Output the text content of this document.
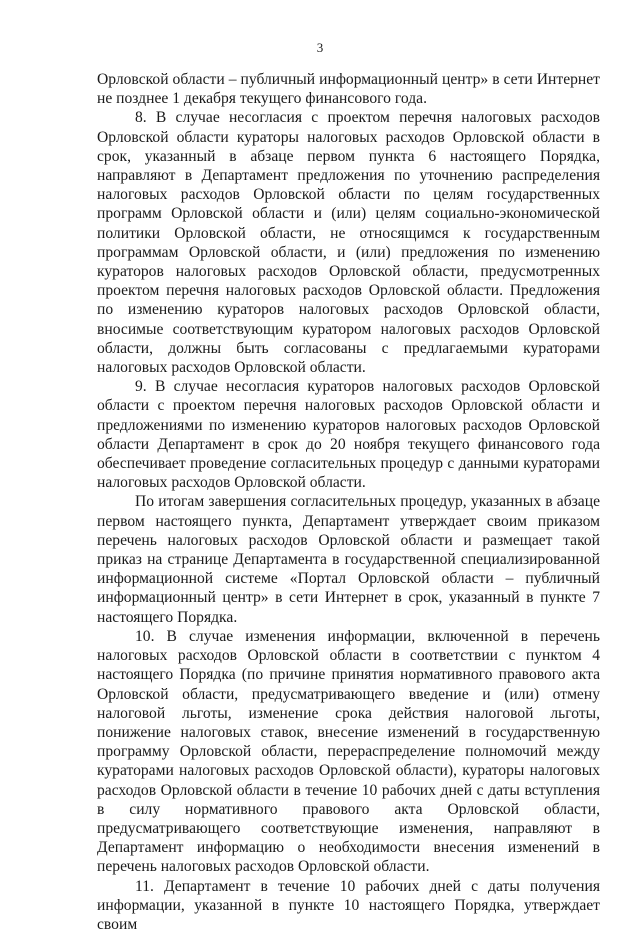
3

Орловской области – публичный информационный центр» в сети Интернет не позднее 1 декабря текущего финансового года.

8. В случае несогласия с проектом перечня налоговых расходов Орловской области кураторы налоговых расходов Орловской области в срок, указанный в абзаце первом пункта 6 настоящего Порядка, направляют в Департамент предложения по уточнению распределения налоговых расходов Орловской области по целям государственных программ Орловской области и (или) целям социально-экономической политики Орловской области, не относящимся к государственным программам Орловской области, и (или) предложения по изменению кураторов налоговых расходов Орловской области, предусмотренных проектом перечня налоговых расходов Орловской области. Предложения по изменению кураторов налоговых расходов Орловской области, вносимые соответствующим куратором налоговых расходов Орловской области, должны быть согласованы с предлагаемыми кураторами налоговых расходов Орловской области.

9. В случае несогласия кураторов налоговых расходов Орловской области с проектом перечня налоговых расходов Орловской области и предложениями по изменению кураторов налоговых расходов Орловской области Департамент в срок до 20 ноября текущего финансового года обеспечивает проведение согласительных процедур с данными кураторами налоговых расходов Орловской области.

По итогам завершения согласительных процедур, указанных в абзаце первом настоящего пункта, Департамент утверждает своим приказом перечень налоговых расходов Орловской области и размещает такой приказ на странице Департамента в государственной специализированной информационной системе «Портал Орловской области – публичный информационный центр» в сети Интернет в срок, указанный в пункте 7 настоящего Порядка.

10. В случае изменения информации, включенной в перечень налоговых расходов Орловской области в соответствии с пунктом 4 настоящего Порядка (по причине принятия нормативного правового акта Орловской области, предусматривающего введение и (или) отмену налоговой льготы, изменение срока действия налоговой льготы, понижение налоговых ставок, внесение изменений в государственную программу Орловской области, перераспределение полномочий между кураторами налоговых расходов Орловской области), кураторы налоговых расходов Орловской области в течение 10 рабочих дней с даты вступления в силу нормативного правового акта Орловской области, предусматривающего соответствующие изменения, направляют в Департамент информацию о необходимости внесения изменений в перечень налоговых расходов Орловской области.

11. Департамент в течение 10 рабочих дней с даты получения информации, указанной в пункте 10 настоящего Порядка, утверждает своим
